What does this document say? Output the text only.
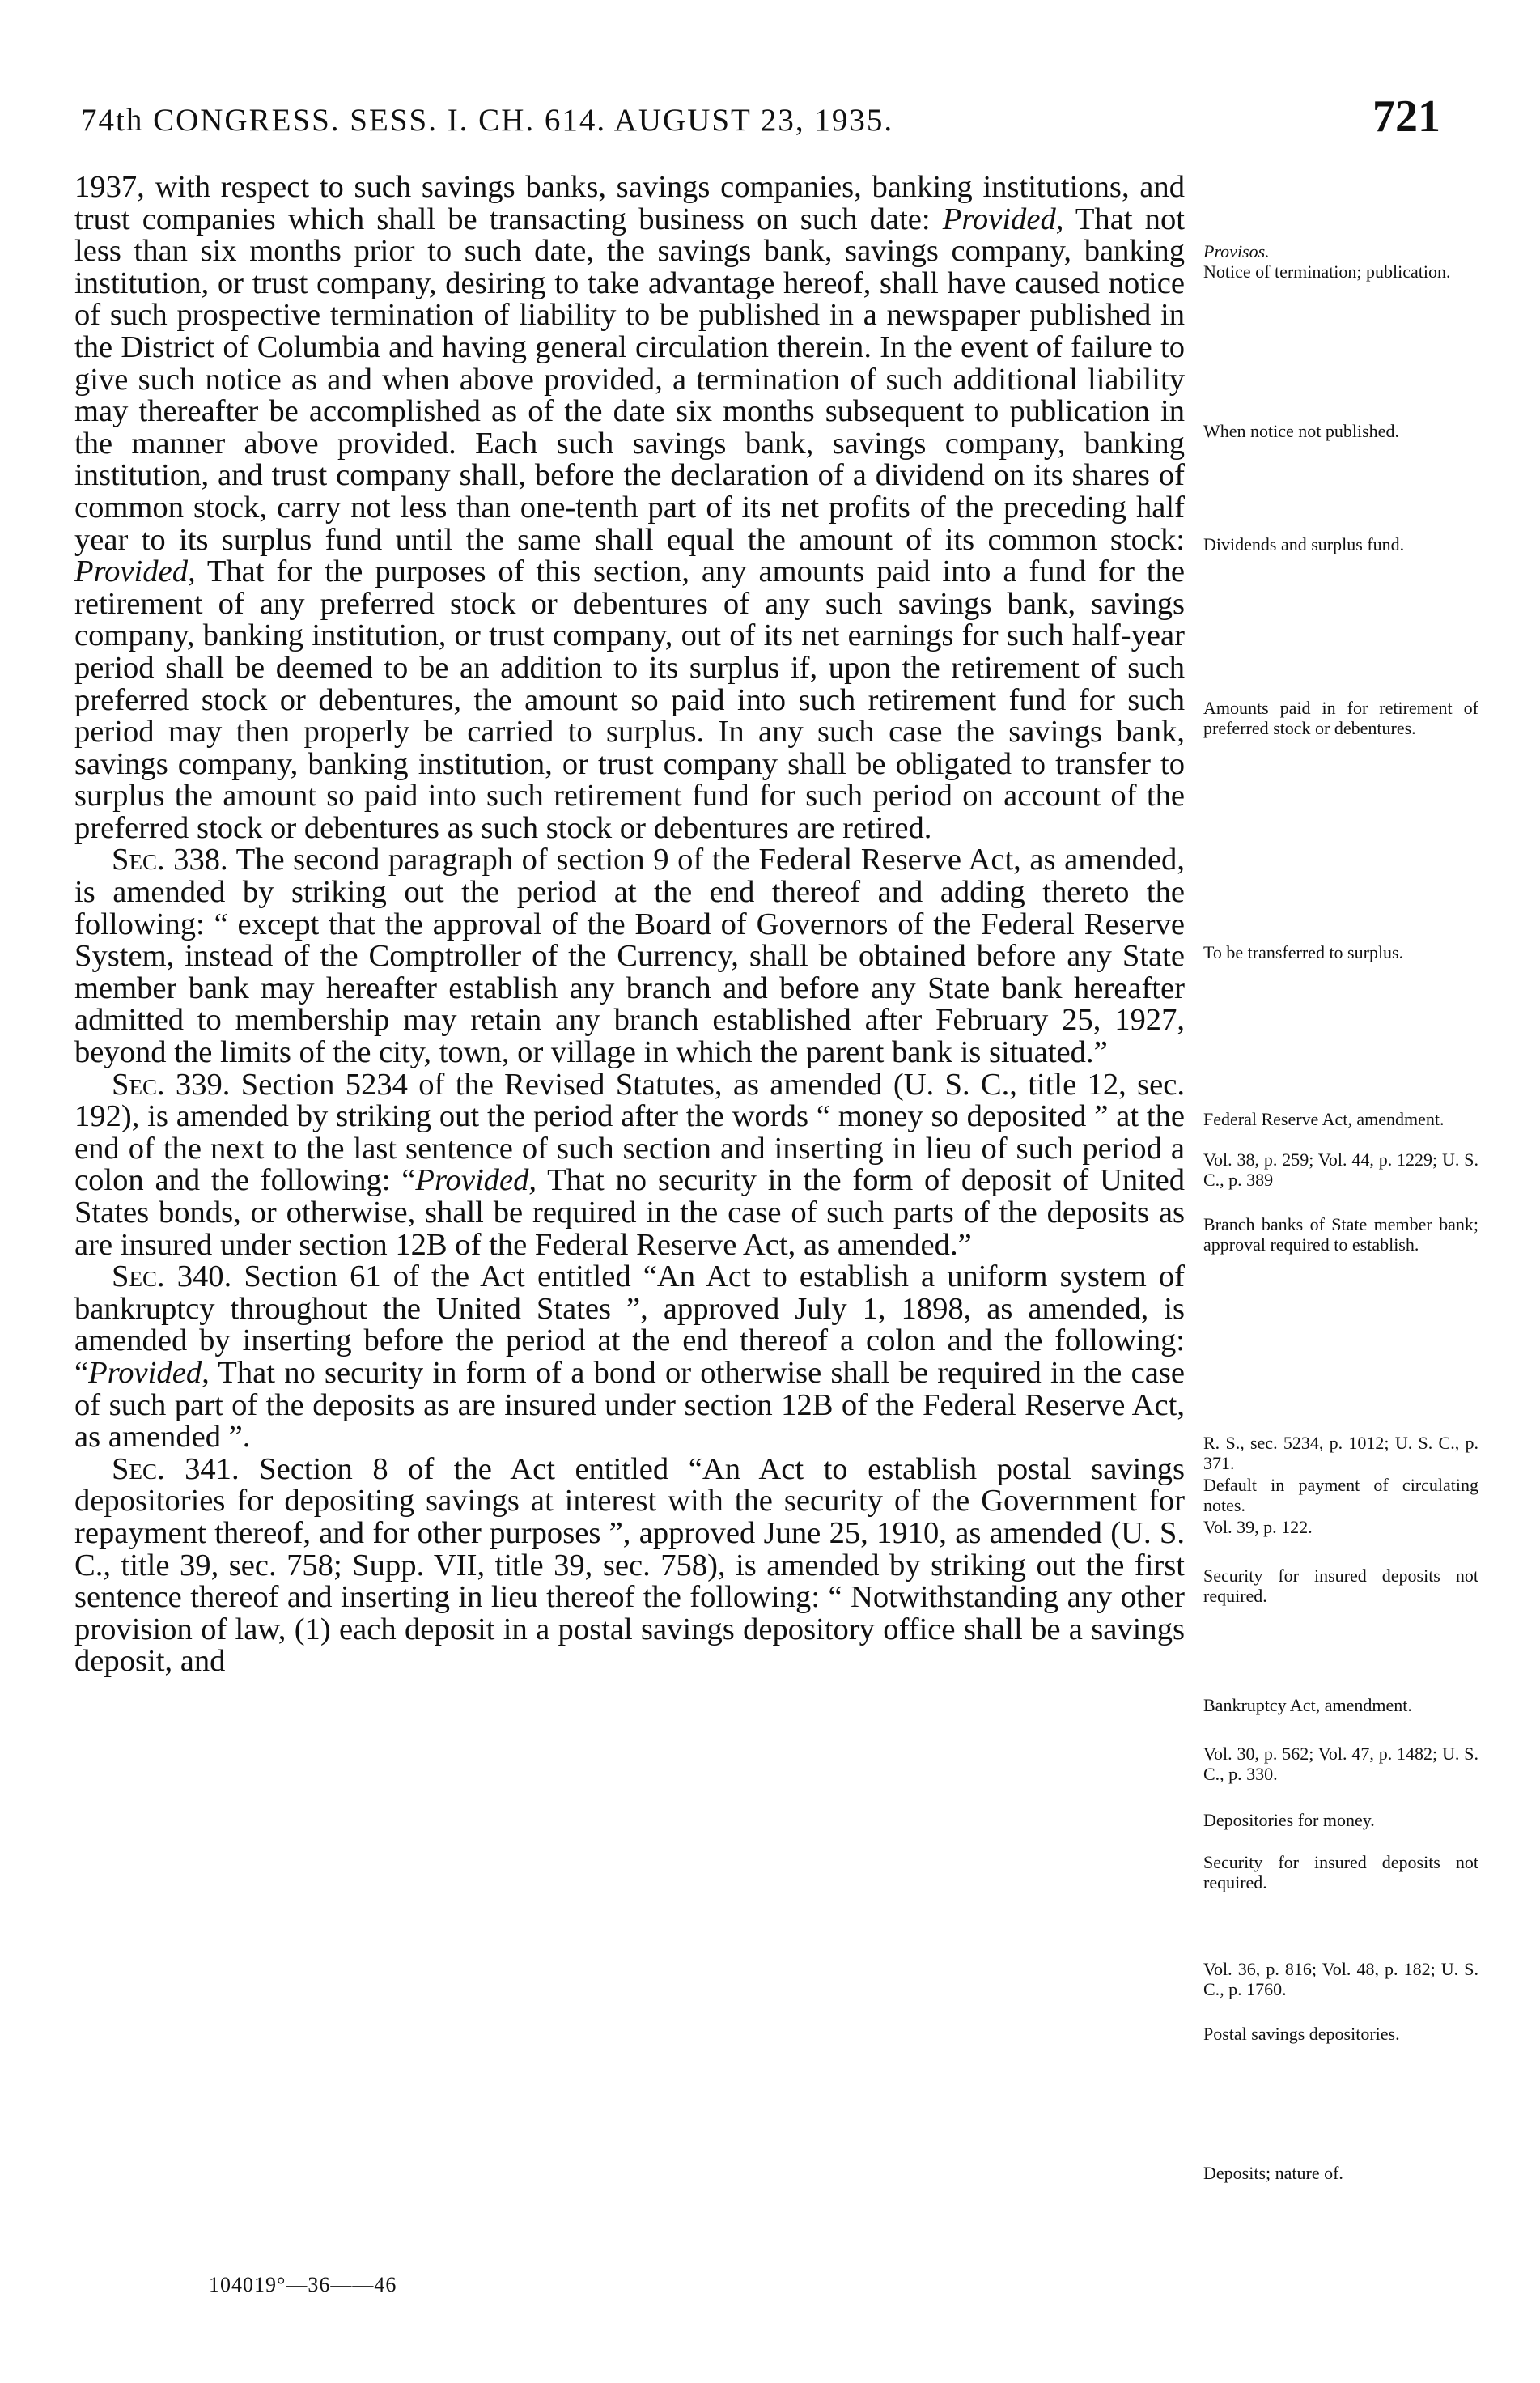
74th CONGRESS. SESS. I. CH. 614. AUGUST 23, 1935.	721

1937, with respect to such savings banks, savings companies, banking institutions, and trust companies which shall be transacting business on such date: Provided, That not less than six months prior to such date, the savings bank, savings company, banking institution, or trust company, desiring to take advantage hereof, shall have caused notice of such prospective termination of liability to be published in a newspaper published in the District of Columbia and having general circulation therein. In the event of failure to give such notice as and when above provided, a termination of such additional liability may thereafter be accomplished as of the date six months subsequent to publication in the manner above provided. Each such savings bank, savings company, banking institution, and trust company shall, before the declaration of a dividend on its shares of common stock, carry not less than one-tenth part of its net profits of the preceding half year to its surplus fund until the same shall equal the amount of its common stock: Provided, That for the purposes of this section, any amounts paid into a fund for the retirement of any preferred stock or debentures of any such savings bank, savings company, banking institution, or trust company, out of its net earnings for such half-year period shall be deemed to be an addition to its surplus if, upon the retirement of such preferred stock or debentures, the amount so paid into such retirement fund for such period may then properly be carried to surplus. In any such case the savings bank, savings company, banking institution, or trust company shall be obligated to transfer to surplus the amount so paid into such retirement fund for such period on account of the preferred stock or debentures as such stock or debentures are retired.

Sec. 338. The second paragraph of section 9 of the Federal Reserve Act, as amended, is amended by striking out the period at the end thereof and adding thereto the following: “ except that the approval of the Board of Governors of the Federal Reserve System, instead of the Comptroller of the Currency, shall be obtained before any State member bank may hereafter establish any branch and before any State bank hereafter admitted to membership may retain any branch established after February 25, 1927, beyond the limits of the city, town, or village in which the parent bank is situated.”

Sec. 339. Section 5234 of the Revised Statutes, as amended (U. S. C., title 12, sec. 192), is amended by striking out the period after the words “ money so deposited ” at the end of the next to the last sentence of such section and inserting in lieu of such period a colon and the following: “Provided, That no security in the form of deposit of United States bonds, or otherwise, shall be required in the case of such parts of the deposits as are insured under section 12B of the Federal Reserve Act, as amended.”

Sec. 340. Section 61 of the Act entitled “An Act to establish a uniform system of bankruptcy throughout the United States ”, approved July 1, 1898, as amended, is amended by inserting before the period at the end thereof a colon and the following: “Provided, That no security in form of a bond or otherwise shall be required in the case of such part of the deposits as are insured under section 12B of the Federal Reserve Act, as amended ”.

Sec. 341. Section 8 of the Act entitled “An Act to establish postal savings depositories for depositing savings at interest with the security of the Government for repayment thereof, and for other purposes ”, approved June 25, 1910, as amended (U. S. C., title 39, sec. 758; Supp. VII, title 39, sec. 758), is amended by striking out the first sentence thereof and inserting in lieu thereof the following: “ Notwithstanding any other provision of law, (1) each deposit in a postal savings depository office shall be a savings deposit, and

Provisos.
Notice of termination; publication.
When notice not published.
Dividends and surplus fund.
Amounts paid in for retirement of preferred stock or debentures.
To be transferred to surplus.
Federal Reserve Act, amendment.
Vol. 38, p. 259; Vol. 44, p. 1229; U. S. C., p. 389
Branch banks of State member bank; approval required to establish.
R. S., sec. 5234, p. 1012; U. S. C., p. 371.
Default in payment of circulating notes.
Vol. 39, p. 122.
Security for insured deposits not required.
Bankruptcy Act, amendment.
Vol. 30, p. 562; Vol. 47, p. 1482; U. S. C., p. 330.
Depositories for money.
Security for insured deposits not required.
Vol. 36, p. 816; Vol. 48, p. 182; U. S. C., p. 1760.
Postal savings depositories.
Deposits; nature of.
104019°—36——46
